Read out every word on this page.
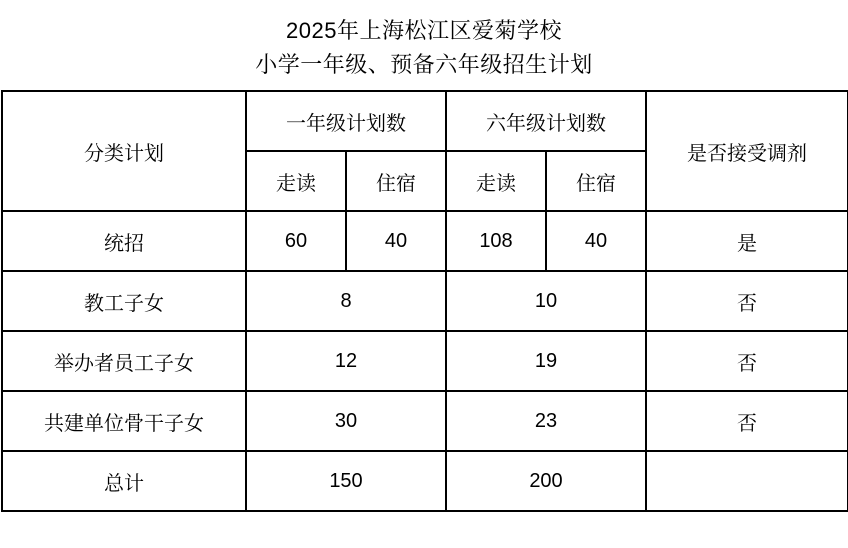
2025年上海松江区爱菊学校
小学一年级、预备六年级招生计划
分类计划	一年级计划数		六年级计划数		是否接受调剂
	走读	住宿	走读	住宿	
统招	60	40	108	40	是
教工子女	8		10		否
举办者员工子女	12		19		否
共建单位骨干子女	30		23		否
总计	150		200		
